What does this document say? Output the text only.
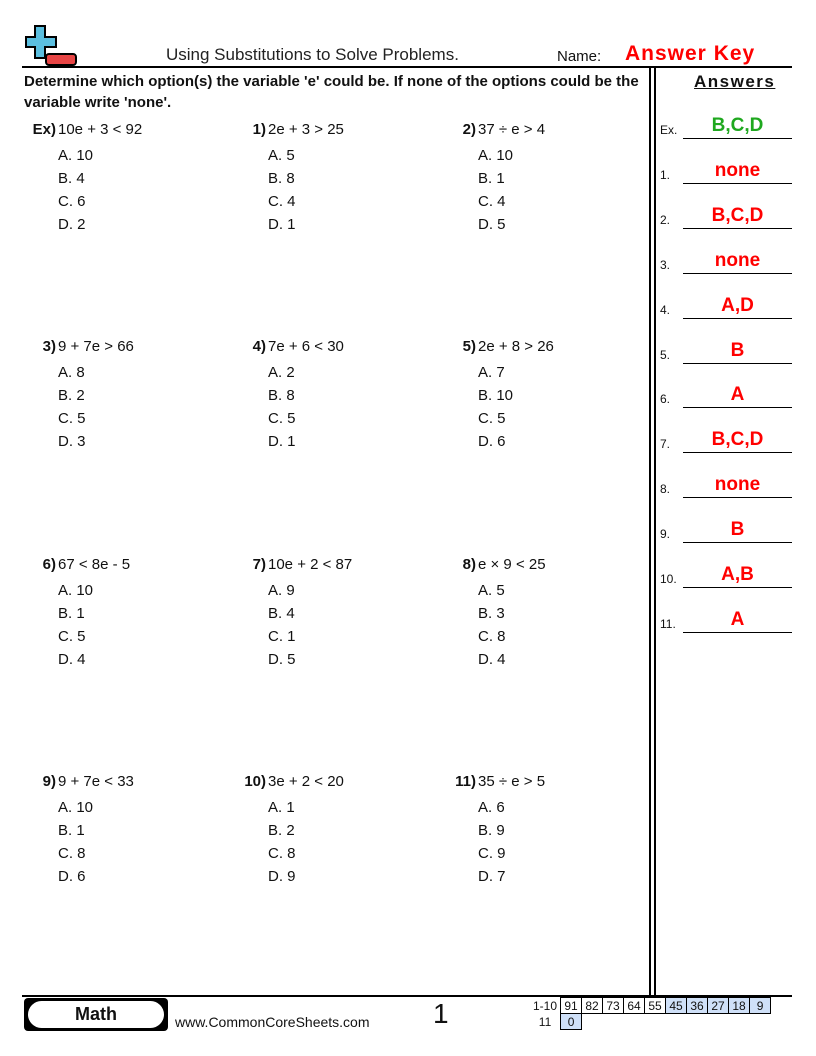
Using Substitutions to Solve Problems.	Name: Answer Key
Determine which option(s) the variable 'e' could be. If none of the options could be the variable write 'none'.
Answers
Ex) 10e + 3 < 92
A. 10
B. 4
C. 6
D. 2
1) 2e + 3 > 25
A. 5
B. 8
C. 4
D. 1
2) 37 ÷ e > 4
A. 10
B. 1
C. 4
D. 5
3) 9 + 7e > 66
A. 8
B. 2
C. 5
D. 3
4) 7e + 6 < 30
A. 2
B. 8
C. 5
D. 1
5) 2e + 8 > 26
A. 7
B. 10
C. 5
D. 6
6) 67 < 8e - 5
A. 10
B. 1
C. 5
D. 4
7) 10e + 2 < 87
A. 9
B. 4
C. 1
D. 5
8) e × 9 < 25
A. 5
B. 3
C. 8
D. 4
9) 9 + 7e < 33
A. 10
B. 1
C. 8
D. 6
10) 3e + 2 < 20
A. 1
B. 2
C. 8
D. 9
11) 35 ÷ e > 5
A. 6
B. 9
C. 9
D. 7
Ex.	B,C,D
1.	none
2.	B,C,D
3.	none
4.	A,D
5.	B
6.	A
7.	B,C,D
8.	none
9.	B
10.	A,B
11.	A
Math	www.CommonCoreSheets.com 1	1-10	91	82	73	64	55	45	36	27	18	9
11	0									
